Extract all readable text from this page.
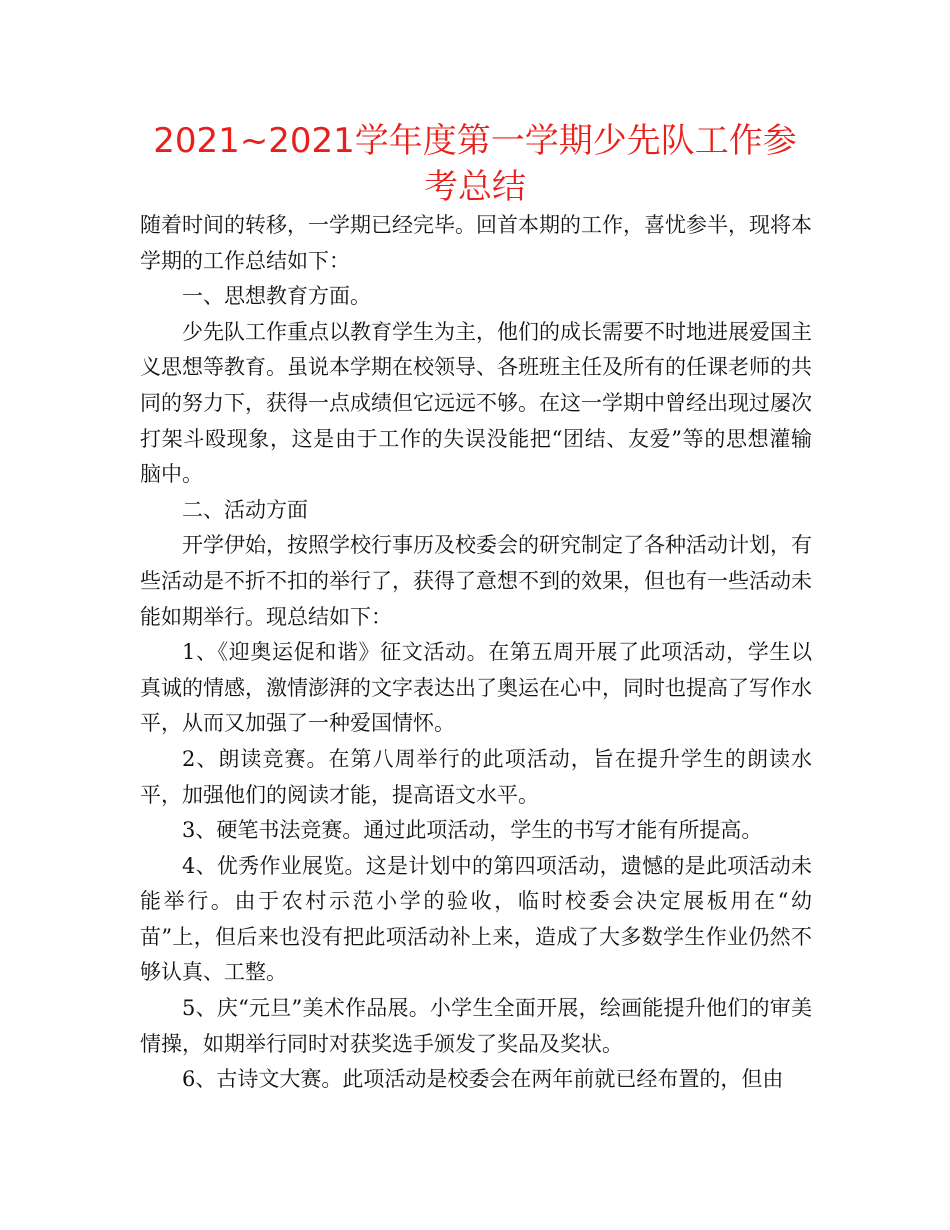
2021~2021学年度第一学期少先队工作参考总结

随着时间的转移，一学期已经完毕。回首本期的工作，喜忧参半，现将本学期的工作总结如下：

一、思想教育方面。

少先队工作重点以教育学生为主，他们的成长需要不时地进展爱国主义思想等教育。虽说本学期在校领导、各班班主任及所有的任课老师的共同的努力下，获得一点成绩但它远远不够。在这一学期中曾经出现过屡次打架斗殴现象，这是由于工作的失误没能把“团结、友爱”等的思想灌输脑中。

二、活动方面

开学伊始，按照学校行事历及校委会的研究制定了各种活动计划，有些活动是不折不扣的举行了，获得了意想不到的效果，但也有一些活动未能如期举行。现总结如下：

1、《迎奥运促和谐》征文活动。在第五周开展了此项活动，学生以真诚的情感，激情澎湃的文字表达出了奥运在心中，同时也提高了写作水平，从而又加强了一种爱国情怀。

2、朗读竞赛。在第八周举行的此项活动，旨在提升学生的朗读水平，加强他们的阅读才能，提高语文水平。

3、硬笔书法竞赛。通过此项活动，学生的书写才能有所提高。

4、优秀作业展览。这是计划中的第四项活动，遗憾的是此项活动未能举行。由于农村示范小学的验收，临时校委会决定展板用在“幼苗”上，但后来也没有把此项活动补上来，造成了大多数学生作业仍然不够认真、工整。

5、庆“元旦”美术作品展。小学生全面开展，绘画能提升他们的审美情操，如期举行同时对获奖选手颁发了奖品及奖状。

6、古诗文大赛。此项活动是校委会在两年前就已经布置的，但由
